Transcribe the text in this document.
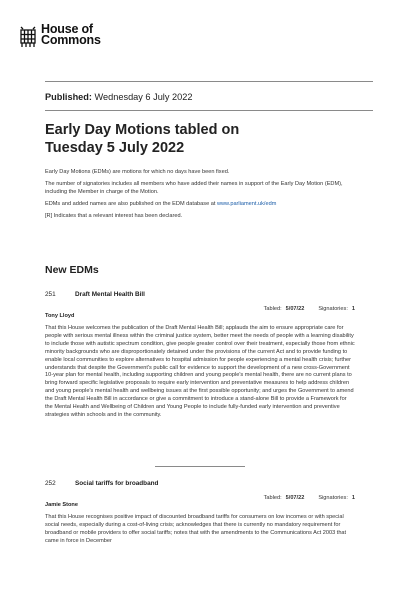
House of
Commons
Published: Wednesday 6 July 2022
Early Day Motions tabled on
Tuesday 5 July 2022

Early Day Motions (EDMs) are motions for which no days have been fixed.

The number of signatories includes all members who have added their names in support of the Early Day Motion (EDM), including the Member in charge of the Motion.

EDMs and added names are also published on the EDM database at www.parliament.uk/edm

[R] Indicates that a relevant interest has been declared.

New EDMs
251	Draft Mental Health Bill
Tabled: 5/07/22	Signatories: 1
Tony Lloyd
That this House welcomes the publication of the Draft Mental Health Bill; applauds the aim to ensure appropriate care for people with serious mental illness within the criminal justice system, better meet the needs of people with a learning disability to include those with autistic spectrum condition, give people greater control over their treatment, especially those from ethnic minority backgrounds who are disproportionately detained under the provisions of the current Act and to provide funding to enable local communities to explore alternatives to hospital admission for people experiencing a mental health crisis; further understands that despite the Government's public call for evidence to support the development of a new cross-Government 10-year plan for mental health, including supporting children and young people's mental health, there are no current plans to bring forward specific legislative proposals to require early intervention and preventative measures to help address children and young people's mental health and wellbeing issues at the first possible opportunity; and urges the Government to amend the Draft Mental Health Bill in accordance or give a commitment to introduce a stand-alone Bill to provide a Framework for the Mental Health and Wellbeing of Children and Young People to include fully-funded early intervention and preventive strategies within schools and in the community.
252	Social tariffs for broadband
Tabled: 5/07/22	Signatories: 1
Jamie Stone
That this House recognises positive impact of discounted broadband tariffs for consumers on low incomes or with special social needs, especially during a cost-of-living crisis; acknowledges that there is currently no mandatory requirement for broadband or mobile providers to offer social tariffs; notes that with the amendments to the Communications Act 2003 that came in force in December
